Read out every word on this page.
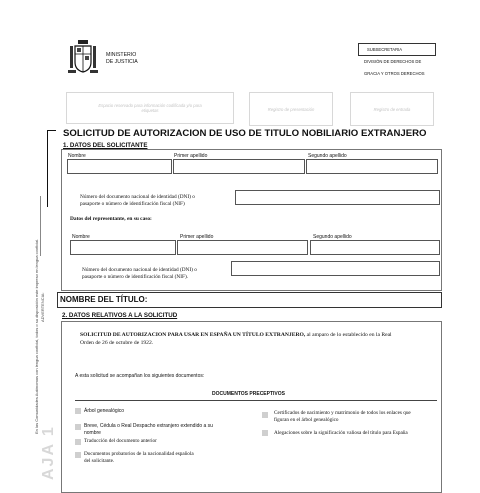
MINISTERIO
DE JUSTICIA
SUBSECRETARIA
DIVISIÓN DE DERECHOS DE
GRACIA Y OTROS DERECHOS
Espacio reservado para información codificada y/o para etiquetas	Registro de presentación	Registro de entrada
SOLICITUD DE AUTORIZACION DE USO DE TITULO NOBILIARIO EXTRANJERO
1. DATOS DEL SOLICITANTE
Nombre	Primer apellido	Segundo apellido
Número del documento nacional de identidad (DNI) o
pasaporte o número de identificación fiscal (NIF)
Datos del representante, en su caso:
Nombre	Primer apellido	Segundo apellido
Número del documento nacional de identidad (DNI) o
pasaporte o número de identificación fiscal (NIF).
NOMBRE DEL TÍTULO:
2. DATOS RELATIVOS A LA SOLICITUD
SOLICITUD DE AUTORIZACION PARA USAR EN ESPAÑA UN TÍTULO EXTRANJERO, al amparo de lo establecido en la Real
Orden de 26 de octubre de 1922.
A esta solicitud se acompañan los siguientes documentos:
DOCUMENTOS PRECEPTIVOS
Árbol genealógico
Breve, Cédula o Real Despacho extranjero extendido a su nombre
Traducción del documento anterior
Documentos probatorios de la nacionalidad española del solicitante.
Certificados de nacimiento y matrimonio de todos los enlaces que figuran en el árbol genealógico
Alegaciones sobre la significación valiosa del título para España
En las Comunidades Autónomas con lengua cooficial, todos o su disposición este impreso en lengua cooficial. ADVERTENCIA:
AJA 1
